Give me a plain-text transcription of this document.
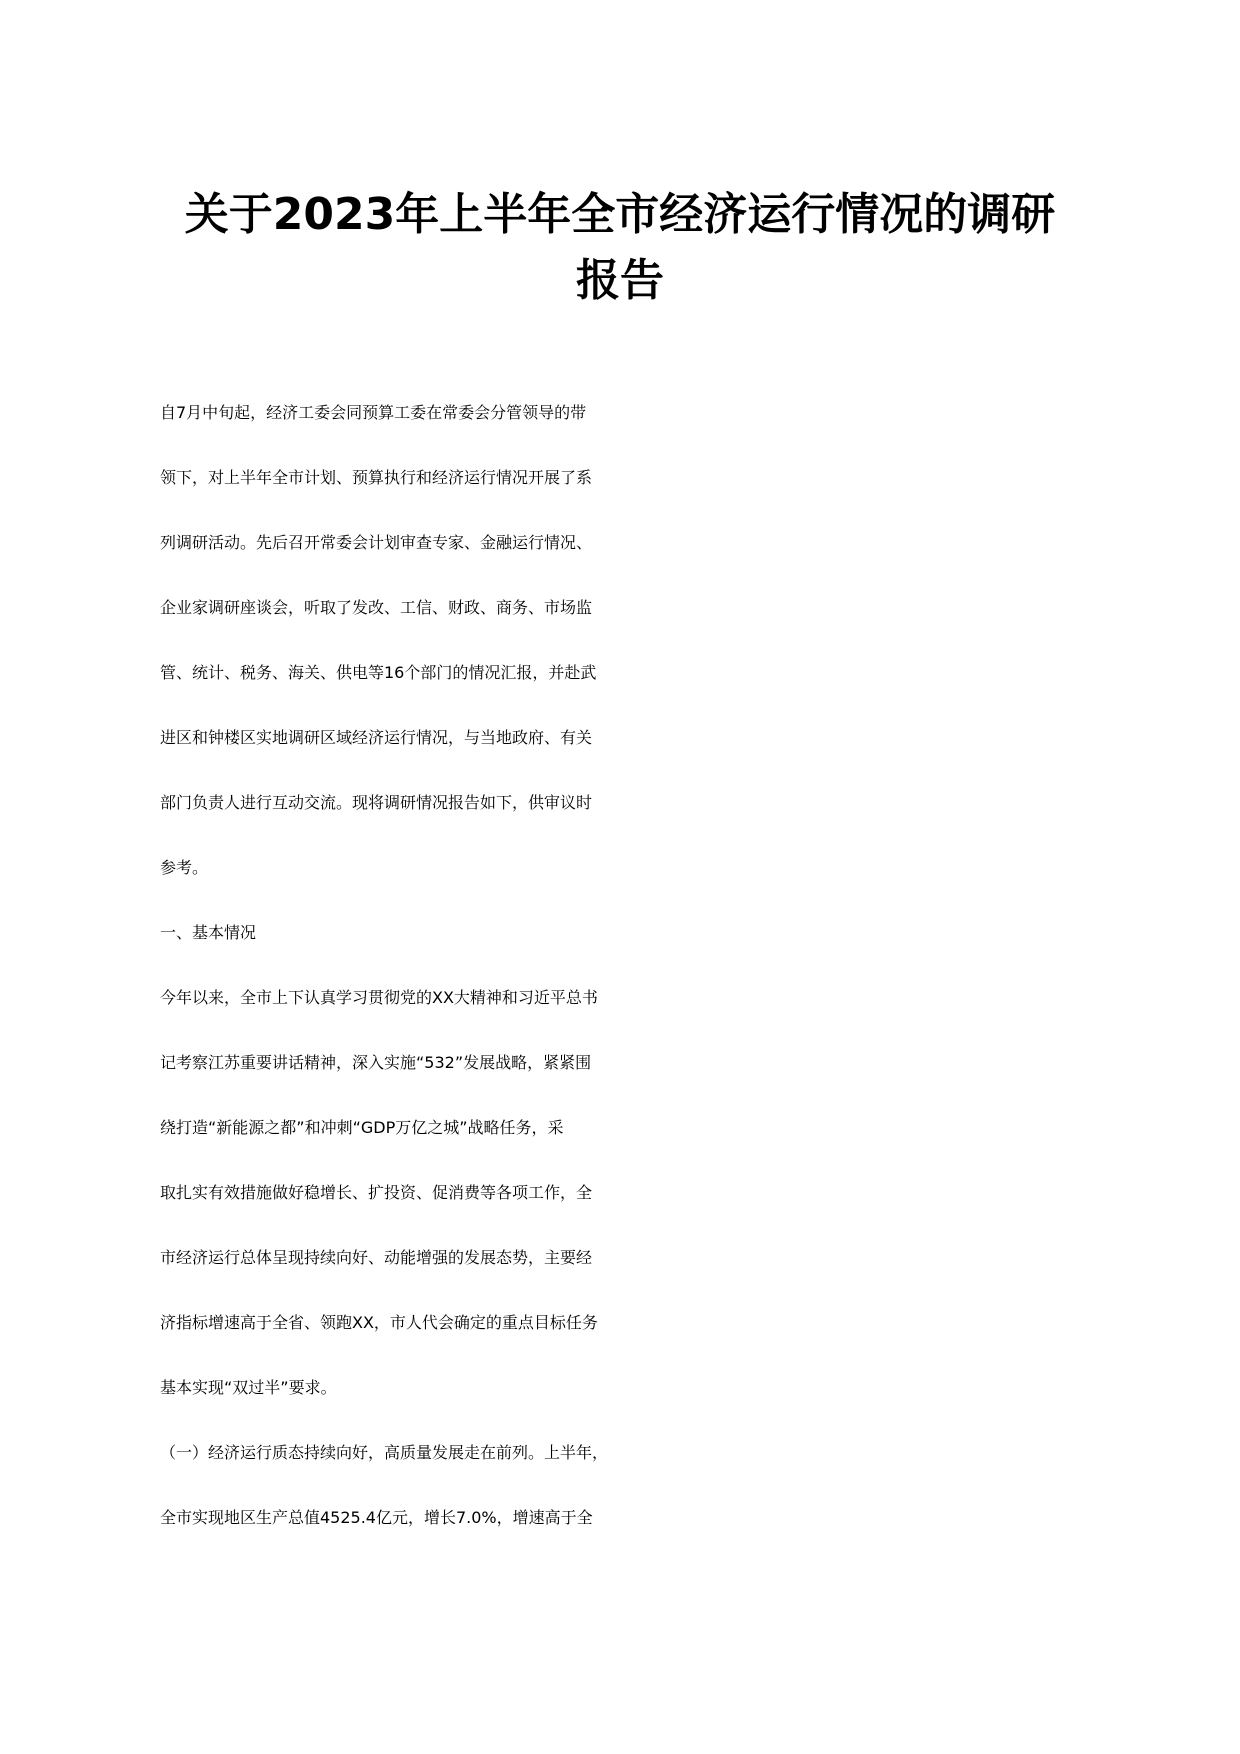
关于2023年上半年全市经济运行情况的调研
报告
自7月中旬起，经济工委会同预算工委在常委会分管领导的带
领下，对上半年全市计划、预算执行和经济运行情况开展了系
列调研活动。先后召开常委会计划审查专家、金融运行情况、
企业家调研座谈会，听取了发改、工信、财政、商务、市场监
管、统计、税务、海关、供电等16个部门的情况汇报，并赴武
进区和钟楼区实地调研区域经济运行情况，与当地政府、有关
部门负责人进行互动交流。现将调研情况报告如下，供审议时
参考。
一、基本情况
今年以来，全市上下认真学习贯彻党的XX大精神和习近平总书
记考察江苏重要讲话精神，深入实施“532”发展战略，紧紧围
绕打造“新能源之都”和冲刺“GDP万亿之城”战略任务，采
取扎实有效措施做好稳增长、扩投资、促消费等各项工作，全
市经济运行总体呈现持续向好、动能增强的发展态势，主要经
济指标增速高于全省、领跑XX，市人代会确定的重点目标任务
基本实现“双过半”要求。
（一）经济运行质态持续向好，高质量发展走在前列。上半年，
全市实现地区生产总值4525.4亿元，增长7.0%，增速高于全
